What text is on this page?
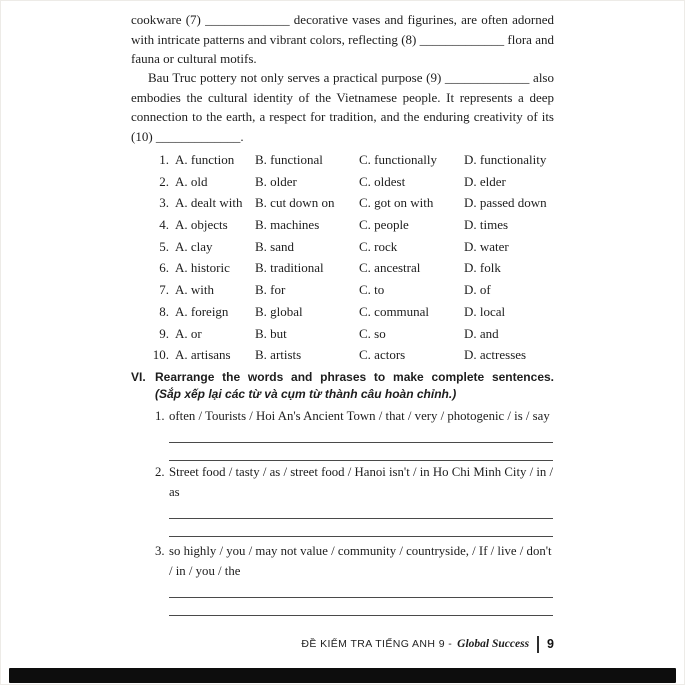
cookware (7) _____________ decorative vases and figurines, are often adorned with intricate patterns and vibrant colors, reflecting (8) _____________ flora and fauna or cultural motifs.
Bau Truc pottery not only serves a practical purpose (9) _____________ also embodies the cultural identity of the Vietnamese people. It represents a deep connection to the earth, a respect for tradition, and the enduring creativity of its (10) _____________.
1. A. function	B. functional	C. functionally	D. functionality
2. A. old	B. older	C. oldest	D. elder
3. A. dealt with B. cut down on	C. got on with	D. passed down
4. A. objects	B. machines	C. people	D. times
5. A. clay	B. sand	C. rock	D. water
6. A. historic	B. traditional	C. ancestral	D. folk
7. A. with	B. for	C. to	D. of
8. A. foreign	B. global	C. communal	D. local
9. A. or	B. but	C. so	D. and
10. A. artisans	B. artists	C. actors	D. actresses
VI. Rearrange the words and phrases to make complete sentences.
(Sắp xếp lại các từ và cụm từ thành câu hoàn chỉnh.)
1. often / Tourists / Hoi An's Ancient Town / that / very / photogenic / is / say
2. Street food / tasty / as / street food / Hanoi isn't / in Ho Chi Minh City / in / as
3. so highly / you / may not value / community / countryside, / If / live / don't / in / you / the
ĐỀ KIỂM TRA TIẾNG ANH 9 - Global Success 9
